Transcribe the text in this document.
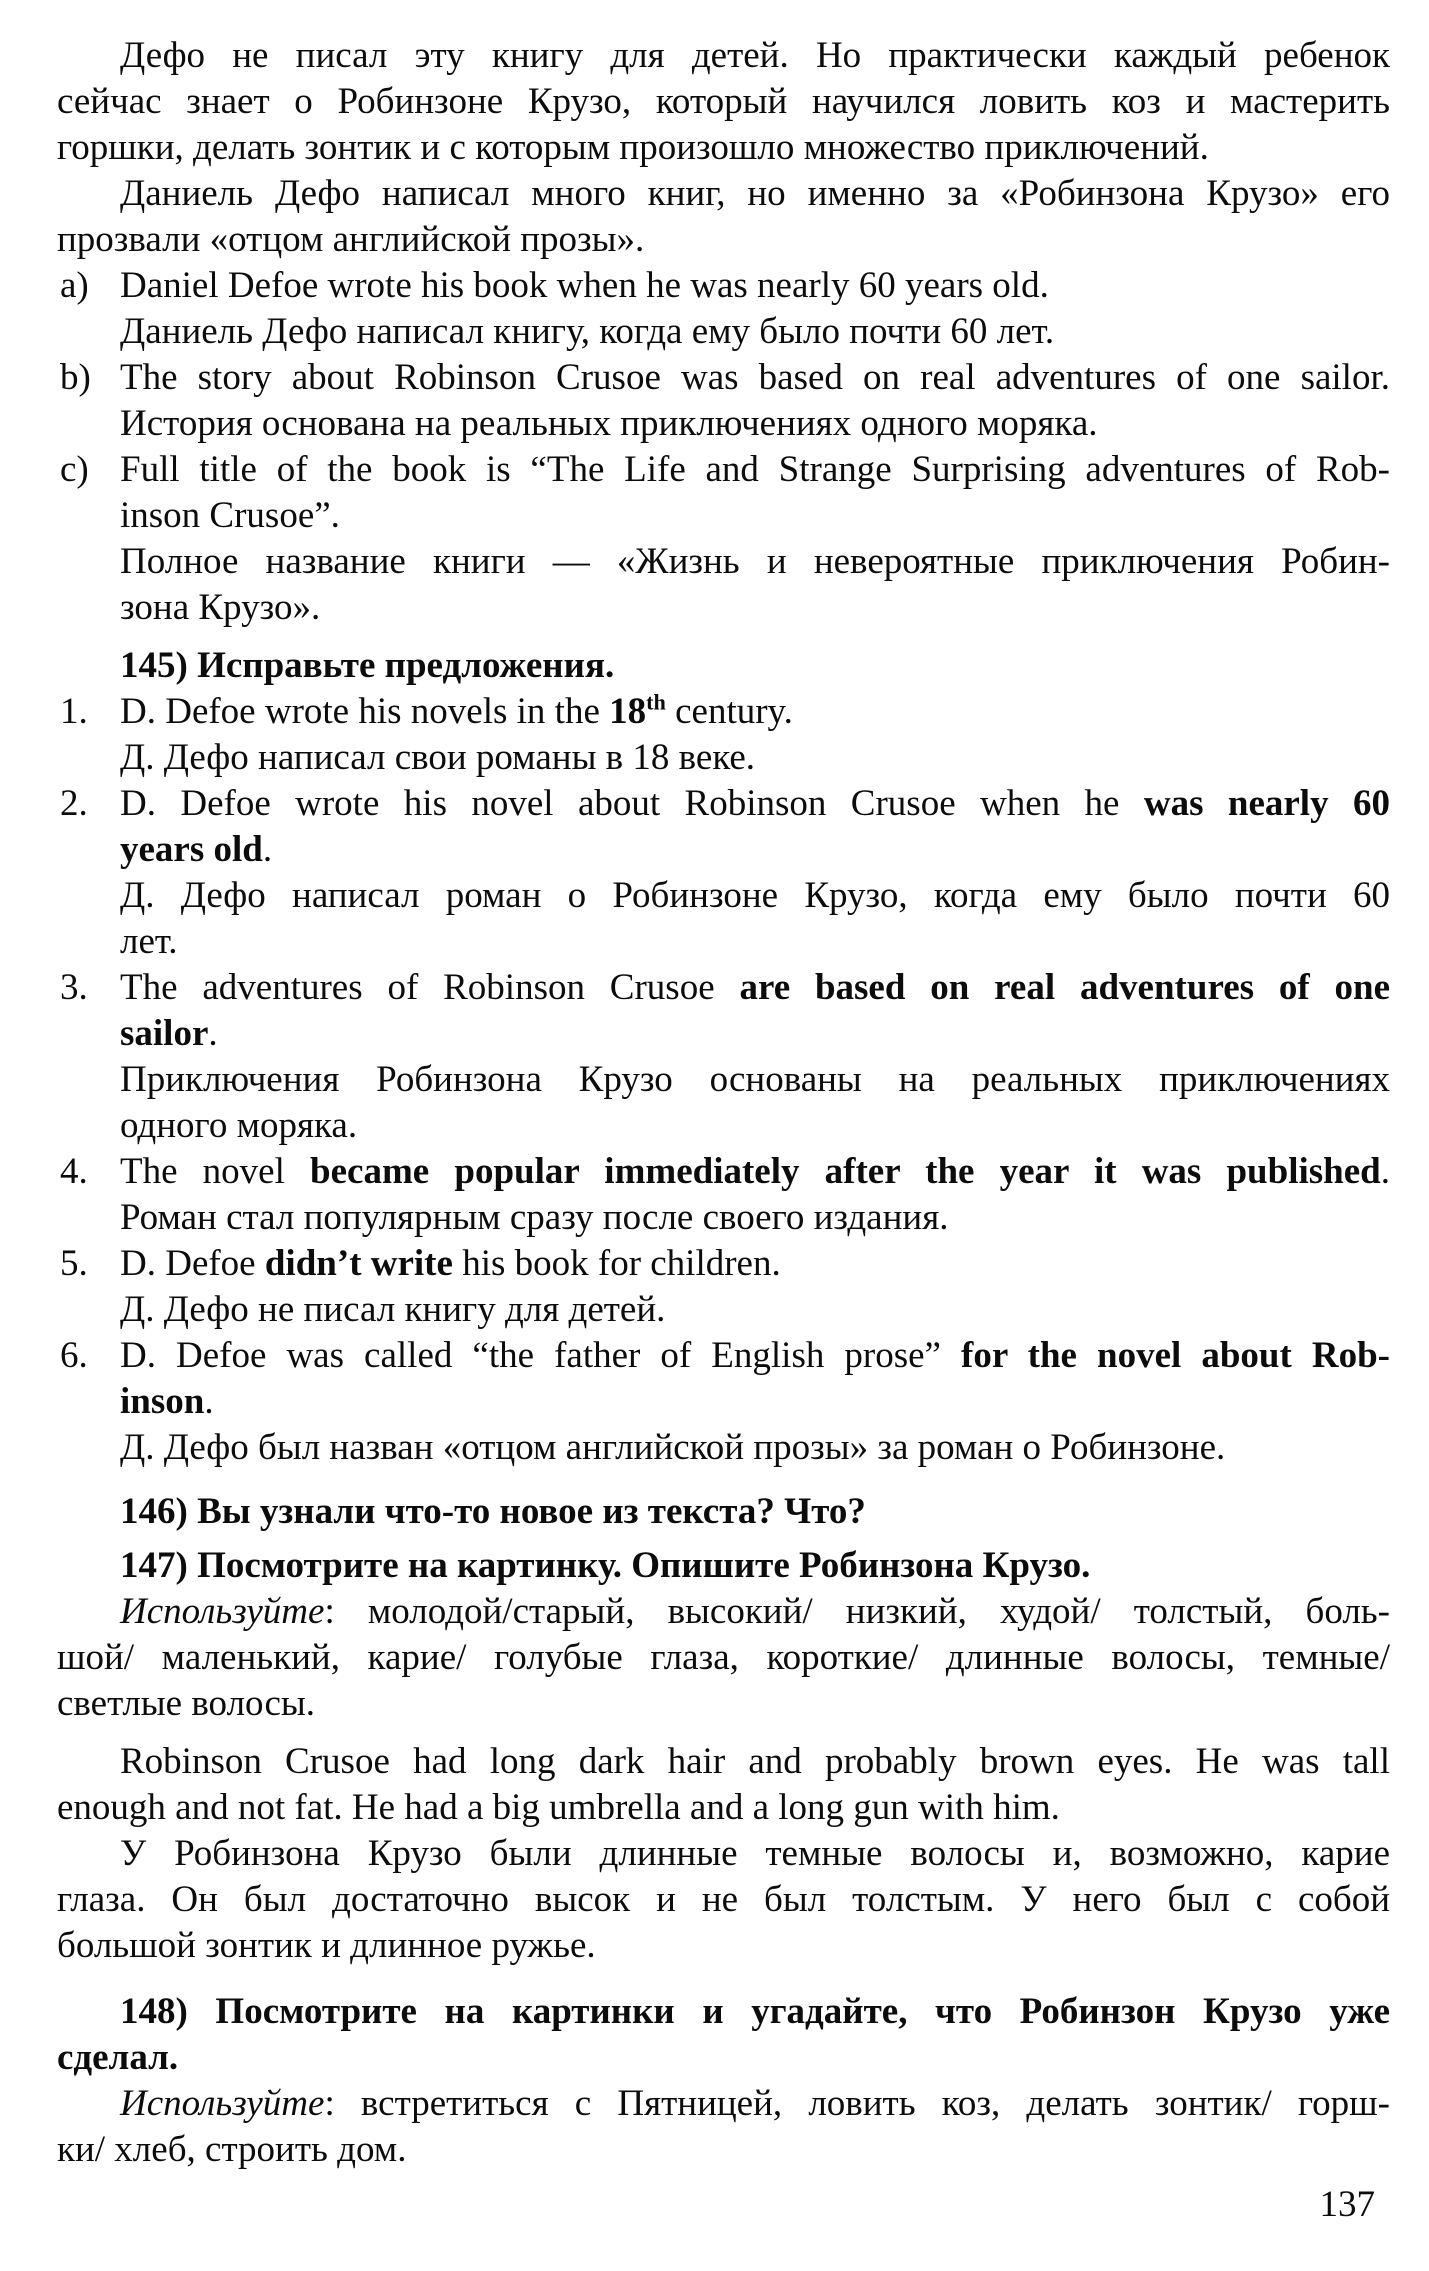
Дефо не писал эту книгу для детей. Но практически каждый ребенок
сейчас знает о Робинзоне Крузо, который научился ловить коз и мастерить
горшки, делать зонтик и с которым произошло множество приключений.
Даниель Дефо написал много книг, но именно за «Робинзона Крузо» его
прозвали «отцом английской прозы».
a) Daniel Defoe wrote his book when he was nearly 60 years old.
Даниель Дефо написал книгу, когда ему было почти 60 лет.
b) The story about Robinson Crusoe was based on real adventures of one sailor.
История основана на реальных приключениях одного моряка.
c) Full title of the book is “The Life and Strange Surprising adventures of Rob-
inson Crusoe”.
Полное название книги — «Жизнь и невероятные приключения Робин-
зона Крузо».
145) Исправьте предложения.
1. D. Defoe wrote his novels in the 18th century.
Д. Дефо написал свои романы в 18 веке.
2. D. Defoe wrote his novel about Robinson Crusoe when he was nearly 60
years old.
Д. Дефо написал роман о Робинзоне Крузо, когда ему было почти 60
лет.
3. The adventures of Robinson Crusoe are based on real adventures of one
sailor.
Приключения Робинзона Крузо основаны на реальных приключениях
одного моряка.
4. The novel became popular immediately after the year it was published.
Роман стал популярным сразу после своего издания.
5. D. Defoe didn’t write his book for children.
Д. Дефо не писал книгу для детей.
6. D. Defoe was called “the father of English prose” for the novel about Rob-
inson.
Д. Дефо был назван «отцом английской прозы» за роман о Робинзоне.
146) Вы узнали что-то новое из текста? Что?
147) Посмотрите на картинку. Опишите Робинзона Крузо.
Используйте: молодой/старый, высокий/ низкий, худой/ толстый, боль-
шой/ маленький, карие/ голубые глаза, короткие/ длинные волосы, темные/
светлые волосы.
Robinson Crusoe had long dark hair and probably brown eyes. He was tall
enough and not fat. He had a big umbrella and a long gun with him.
У Робинзона Крузо были длинные темные волосы и, возможно, карие
глаза. Он был достаточно высок и не был толстым. У него был с собой
большой зонтик и длинное ружье.
148) Посмотрите на картинки и угадайте, что Робинзон Крузо уже
сделал.
Используйте: встретиться с Пятницей, ловить коз, делать зонтик/ горш-
ки/ хлеб, строить дом.
137
